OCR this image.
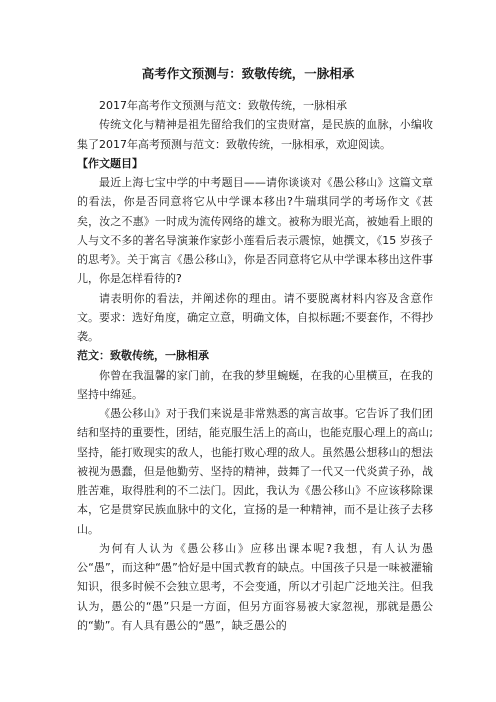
高考作文预测与：致敬传统，一脉相承

2017年高考作文预测与范文：致敬传统，一脉相承

传统文化与精神是祖先留给我们的宝贵财富，是民族的血脉，小编收集了2017年高考预测与范文：致敬传统，一脉相承，欢迎阅读。

【作文题目】

最近上海七宝中学的中考题目——请你谈谈对《愚公移山》这篇文章的看法，你是否同意将它从中学课本移出?牛瑞琪同学的考场作文《甚矣，汝之不惠》一时成为流传网络的雄文。被称为眼光高，被她看上眼的人与文不多的著名导演兼作家彭小莲看后表示震惊，她撰文，《15 岁孩子的思考》。关于寓言《愚公移山》，你是否同意将它从中学课本移出这件事儿，你是怎样看待的?

请表明你的看法，并阐述你的理由。请不要脱离材料内容及含意作文。要求：选好角度，确定立意，明确文体，自拟标题;不要套作，不得抄袭。

范文：致敬传统，一脉相承

你曾在我温馨的家门前，在我的梦里蜿蜒，在我的心里横亘，在我的坚持中绵延。

《愚公移山》对于我们来说是非常熟悉的寓言故事。它告诉了我们团结和坚持的重要性，团结，能克服生活上的高山，也能克服心理上的高山;坚持，能打败现实的敌人，也能打败心理的敌人。虽然愚公想移山的想法被视为愚蠢，但是他勤劳、坚持的精神，鼓舞了一代又一代炎黄子孙，战胜苦难，取得胜利的不二法门。因此，我认为《愚公移山》不应该移除课本，它是贯穿民族血脉中的文化，宣扬的是一种精神，而不是让孩子去移山。

为何有人认为《愚公移山》应移出课本呢?我想，有人认为愚公“愚”，而这种“愚”恰好是中国式教育的缺点。中国孩子只是一味被灌输知识，很多时候不会独立思考，不会变通，所以才引起广泛地关注。但我认为，愚公的“愚”只是一方面，但另方面容易被大家忽视，那就是愚公的“勤”。有人具有愚公的“愚”，缺乏愚公的
